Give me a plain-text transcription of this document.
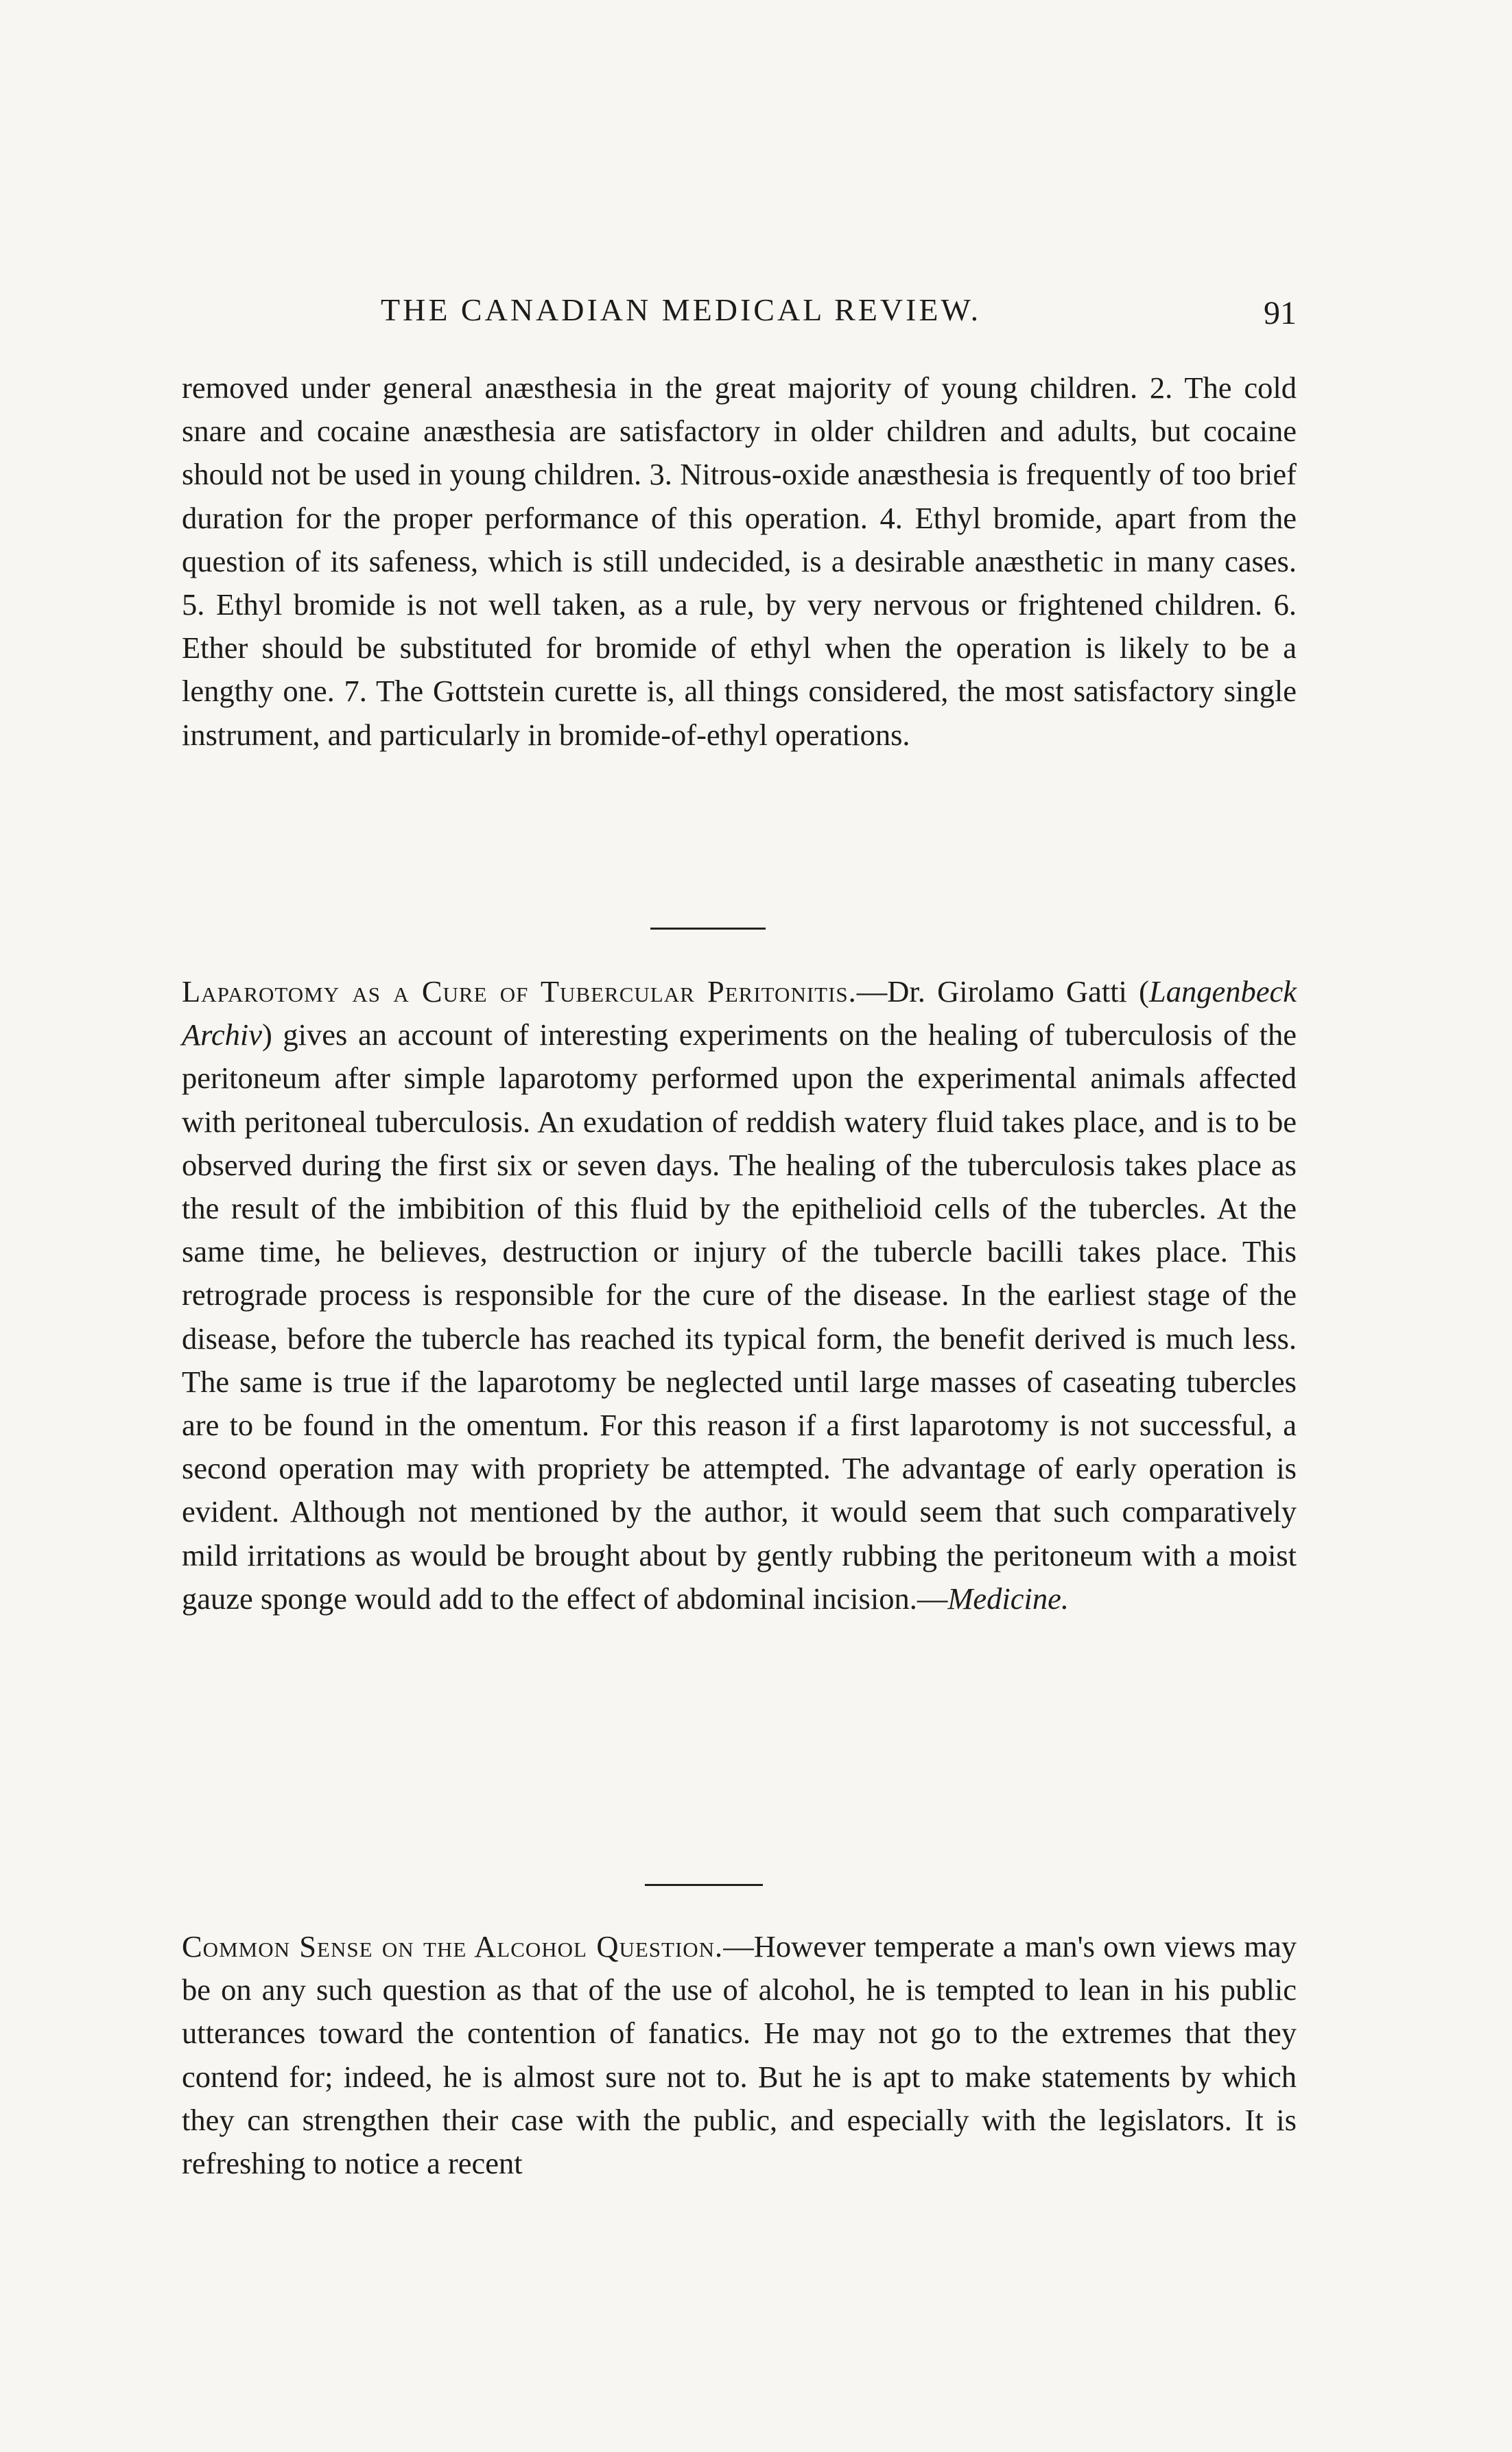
THE CANADIAN MEDICAL REVIEW.	91

removed under general anæsthesia in the great majority of young children. 2. The cold snare and cocaine anæsthesia are satisfactory in older children and adults, but cocaine should not be used in young children. 3. Nitrous-oxide anæsthesia is frequently of too brief duration for the proper performance of this operation. 4. Ethyl bromide, apart from the question of its safeness, which is still undecided, is a desirable anæsthetic in many cases. 5. Ethyl bromide is not well taken, as a rule, by very nervous or frightened children. 6. Ether should be substituted for bromide of ethyl when the operation is likely to be a lengthy one. 7. The Gottstein curette is, all things considered, the most satisfactory single instrument, and particularly in bromide-of-ethyl operations.

Laparotomy as a Cure of Tubercular Peritonitis.—Dr. Girolamo Gatti (Langenbeck Archiv) gives an account of interesting experiments on the healing of tuberculosis of the peritoneum after simple laparotomy performed upon the experimental animals affected with peritoneal tuberculosis. An exudation of reddish watery fluid takes place, and is to be observed during the first six or seven days. The healing of the tuberculosis takes place as the result of the imbibition of this fluid by the epithelioid cells of the tubercles. At the same time, he believes, destruction or injury of the tubercle bacilli takes place. This retrograde process is responsible for the cure of the disease. In the earliest stage of the disease, before the tubercle has reached its typical form, the benefit derived is much less. The same is true if the laparotomy be neglected until large masses of caseating tubercles are to be found in the omentum. For this reason if a first laparotomy is not successful, a second operation may with propriety be attempted. The advantage of early operation is evident. Although not mentioned by the author, it would seem that such comparatively mild irritations as would be brought about by gently rubbing the peritoneum with a moist gauze sponge would add to the effect of abdominal incision.—Medicine.

Common Sense on the Alcohol Question.—However temperate a man's own views may be on any such question as that of the use of alcohol, he is tempted to lean in his public utterances toward the contention of fanatics. He may not go to the extremes that they contend for; indeed, he is almost sure not to. But he is apt to make statements by which they can strengthen their case with the public, and especially with the legislators. It is refreshing to notice a recent
